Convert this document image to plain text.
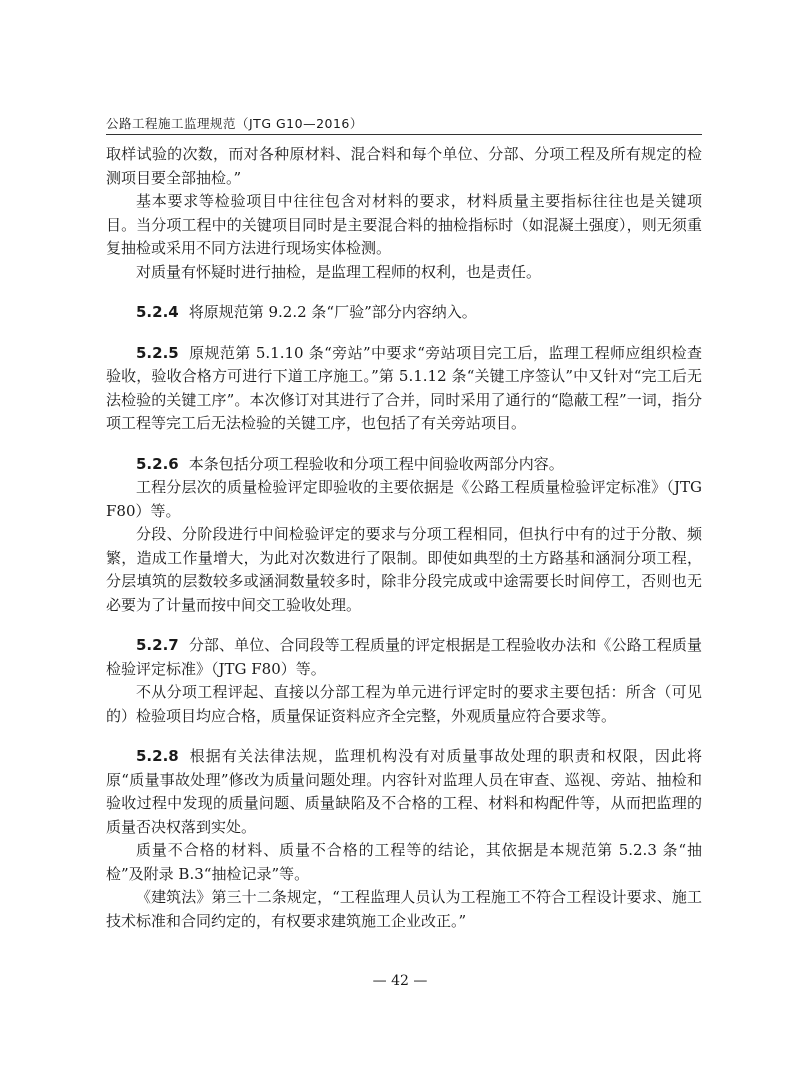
公路工程施工监理规范（JTG G10—2016）

取样试验的次数，而对各种原材料、混合料和每个单位、分部、分项工程及所有规定的检测项目要全部抽检。”

基本要求等检验项目中往往包含对材料的要求，材料质量主要指标往往也是关键项目。当分项工程中的关键项目同时是主要混合料的抽检指标时（如混凝土强度），则无须重复抽检或采用不同方法进行现场实体检测。

对质量有怀疑时进行抽检，是监理工程师的权利，也是责任。

5.2.4 将原规范第 9.2.2 条“厂验”部分内容纳入。

5.2.5 原规范第 5.1.10 条“旁站”中要求“旁站项目完工后，监理工程师应组织检查验收，验收合格方可进行下道工序施工。”第 5.1.12 条“关键工序签认”中又针对“完工后无法检验的关键工序”。本次修订对其进行了合并，同时采用了通行的“隐蔽工程”一词，指分项工程等完工后无法检验的关键工序，也包括了有关旁站项目。

5.2.6 本条包括分项工程验收和分项工程中间验收两部分内容。

工程分层次的质量检验评定即验收的主要依据是《公路工程质量检验评定标准》（JTG F80）等。

分段、分阶段进行中间检验评定的要求与分项工程相同，但执行中有的过于分散、频繁，造成工作量增大，为此对次数进行了限制。即使如典型的土方路基和涵洞分项工程，分层填筑的层数较多或涵洞数量较多时，除非分段完成或中途需要长时间停工，否则也无必要为了计量而按中间交工验收处理。

5.2.7 分部、单位、合同段等工程质量的评定根据是工程验收办法和《公路工程质量检验评定标准》（JTG F80）等。

不从分项工程评起、直接以分部工程为单元进行评定时的要求主要包括：所含（可见的）检验项目均应合格，质量保证资料应齐全完整，外观质量应符合要求等。

5.2.8 根据有关法律法规，监理机构没有对质量事故处理的职责和权限，因此将原“质量事故处理”修改为质量问题处理。内容针对监理人员在审查、巡视、旁站、抽检和验收过程中发现的质量问题、质量缺陷及不合格的工程、材料和构配件等，从而把监理的质量否决权落到实处。

质量不合格的材料、质量不合格的工程等的结论，其依据是本规范第 5.2.3 条“抽检”及附录 B.3“抽检记录”等。

《建筑法》第三十二条规定，“工程监理人员认为工程施工不符合工程设计要求、施工技术标准和合同约定的，有权要求建筑施工企业改正。”

— 42 —
